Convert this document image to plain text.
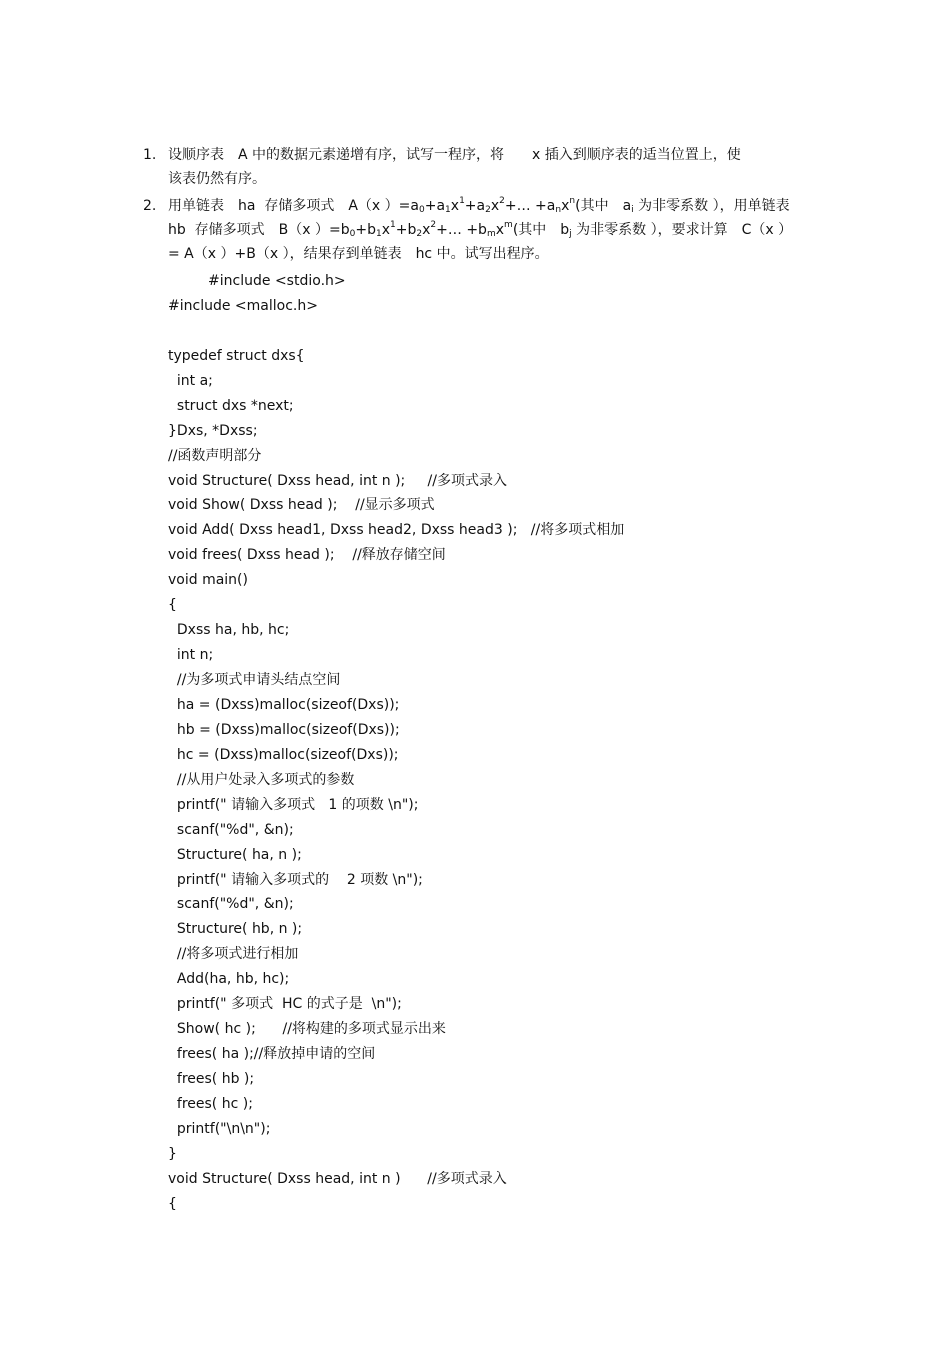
1. 设顺序表　A 中的数据元素递增有序，试写一程序，将　　x 插入到顺序表的适当位置上，使
该表仍然有序。
2. 用单链表　ha  存储多项式　A（x ）$=a_0+a_1x^1+a_2x^2+\dots +a_nx^n$(其中　$a_i$ 为非零系数 ），用单链表
hb  存储多项式　B（x ）$=b_0+b_1x^1+b_2x^2+\dots +b_mx^m$(其中　$b_j$ 为非零系数 ），要求计算　C（x ）
= A（x ）+B（x ），结果存到单链表　hc 中。试写出程序。
#include <stdio.h>
#include <malloc.h>
typedef struct dxs{
int a;
struct dxs *next;
}Dxs, *Dxss;
//函数声明部分
void Structure( Dxss head, int n );     //多项式录入
void Show( Dxss head );    //显示多项式
void Add( Dxss head1, Dxss head2, Dxss head3 );   //将多项式相加
void frees( Dxss head );    //释放存储空间
void main()
{
Dxss ha, hb, hc;
int n;
//为多项式申请头结点空间
ha = (Dxss)malloc(sizeof(Dxs));
hb = (Dxss)malloc(sizeof(Dxs));
hc = (Dxss)malloc(sizeof(Dxs));
//从用户处录入多项式的参数
printf(" 请输入多项式   1 的项数 \n");
scanf("%d", &n);
Structure( ha, n );
printf(" 请输入多项式的    2 项数 \n");
scanf("%d", &n);
Structure( hb, n );
//将多项式进行相加
Add(ha, hb, hc);
printf(" 多项式  HC 的式子是  \n");
Show( hc );      //将构建的多项式显示出来
frees( ha );//释放掉申请的空间
frees( hb );
frees( hc );
printf("\n\n");
}
void Structure( Dxss head, int n )      //多项式录入
{
